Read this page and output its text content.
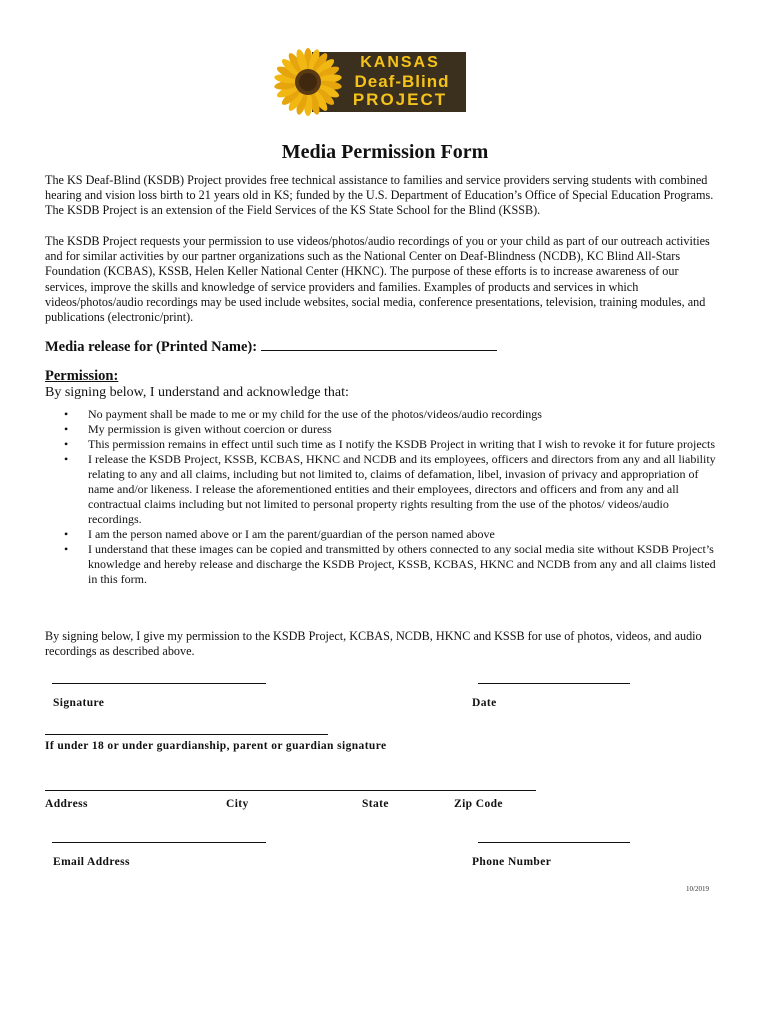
KANSAS
Deaf-Blind
PROJECT
Media Permission Form
The KS Deaf-Blind (KSDB) Project provides free technical assistance to families and service providers serving students with combined hearing and vision loss birth to 21 years old in KS; funded by the U.S. Department of Education’s Office of Special Education Programs. The KSDB Project is an extension of the Field Services of the KS State School for the Blind (KSSB).
The KSDB Project requests your permission to use videos/photos/audio recordings of you or your child as part of our outreach activities and for similar activities by our partner organizations such as the National Center on Deaf-Blindness (NCDB), KC Blind All-Stars Foundation (KCBAS), KSSB, Helen Keller National Center (HKNC). The purpose of these efforts is to increase awareness of our services, improve the skills and knowledge of service providers and families. Examples of products and services in which videos/photos/audio recordings may be used include websites, social media, conference presentations, television, training modules, and publications (electronic/print).
Media release for (Printed Name):
Permission:
By signing below, I understand and acknowledge that:
• No payment shall be made to me or my child for the use of the photos/videos/audio recordings
• My permission is given without coercion or duress
• This permission remains in effect until such time as I notify the KSDB Project in writing that I wish to revoke it for future projects
• I release the KSDB Project, KSSB, KCBAS, HKNC and NCDB and its employees, officers and directors from any and all liability relating to any and all claims, including but not limited to, claims of defamation, libel, invasion of privacy and appropriation of name and/or likeness. I release the aforementioned entities and their employees, directors and officers and from any and all contractual claims including but not limited to personal property rights resulting from the use of the photos/ videos/audio recordings.
• I am the person named above or I am the parent/guardian of the person named above
• I understand that these images can be copied and transmitted by others connected to any social media site without KSDB Project’s knowledge and hereby release and discharge the KSDB Project, KSSB, KCBAS, HKNC and NCDB from any and all claims listed in this form.
By signing below, I give my permission to the KSDB Project, KCBAS, NCDB, HKNC and KSSB for use of photos, videos, and audio recordings as described above.
Signature	Date
If under 18 or under guardianship, parent or guardian signature
Address	City	State	Zip Code
Email Address	Phone Number
10/2019
